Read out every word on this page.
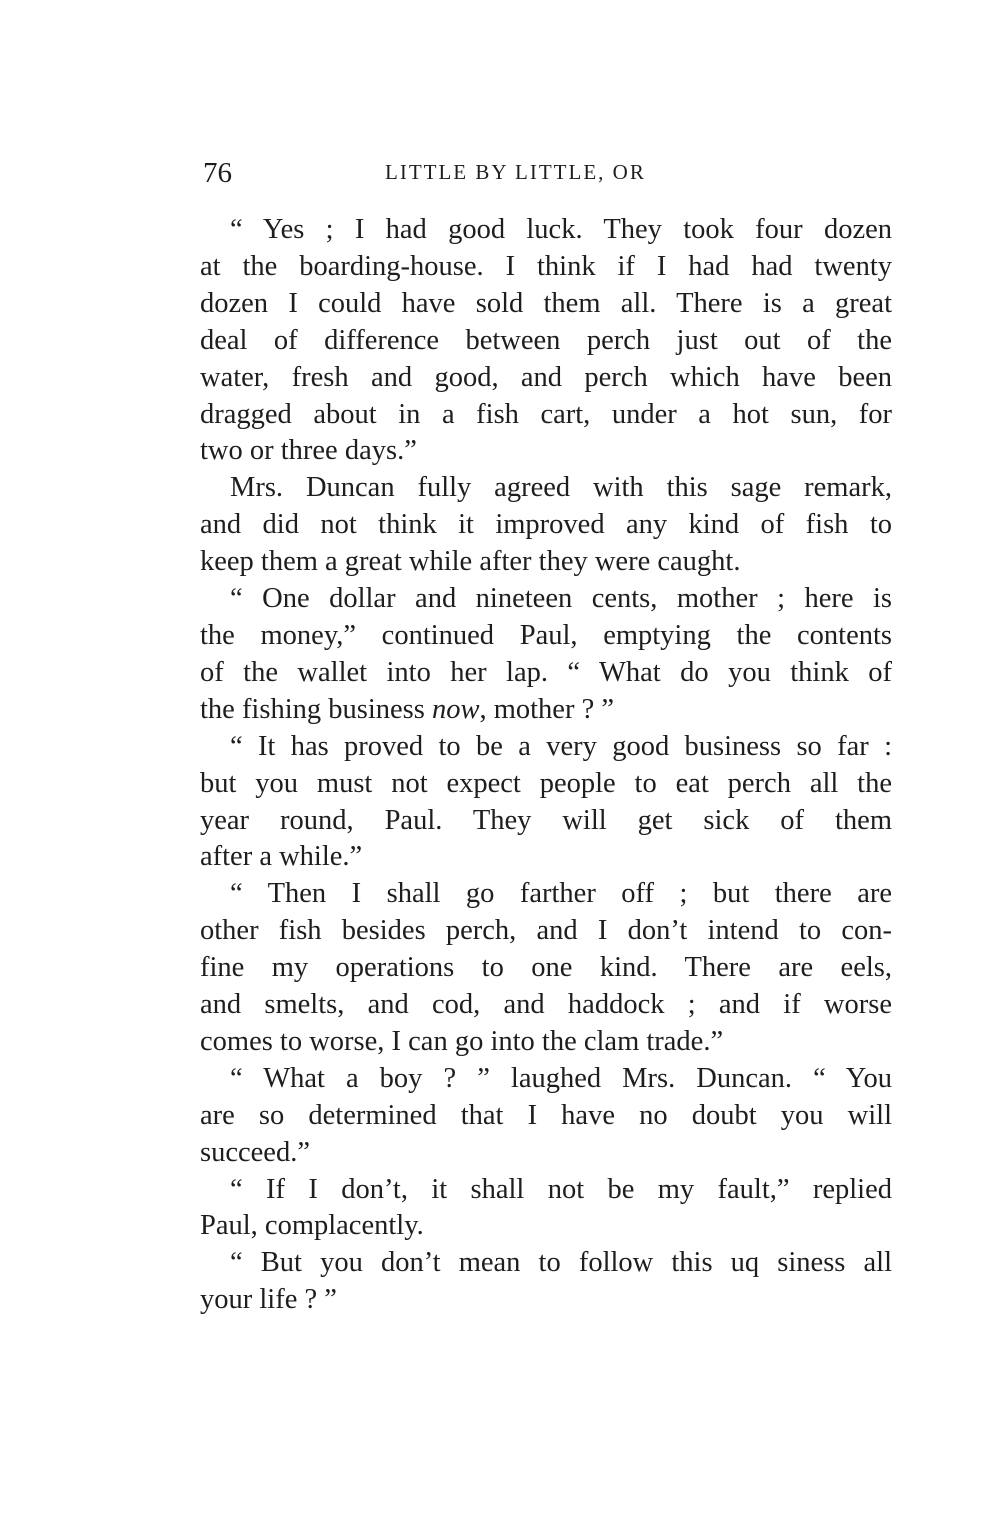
76	LITTLE BY LITTLE, OR

“ Yes ; I had good luck. They took four dozen
at the boarding-house. I think if I had had twenty
dozen I could have sold them all. There is a great
deal of difference between perch just out of the
water, fresh and good, and perch which have been
dragged about in a fish cart, under a hot sun, for
two or three days.”

Mrs. Duncan fully agreed with this sage remark,
and did not think it improved any kind of fish to
keep them a great while after they were caught.

“ One dollar and nineteen cents, mother ; here is
the money,” continued Paul, emptying the contents
of the wallet into her lap. “ What do you think of
the fishing business now, mother ? ”

“ It has proved to be a very good business so far :
but you must not expect people to eat perch all the
year round, Paul. They will get sick of them
after a while.”

“ Then I shall go farther off ; but there are
other fish besides perch, and I don’t intend to con-
fine my operations to one kind. There are eels,
and smelts, and cod, and haddock ; and if worse
comes to worse, I can go into the clam trade.”

“ What a boy ? ” laughed Mrs. Duncan. “ You
are so determined that I have no doubt you will
succeed.”

“ If I don’t, it shall not be my fault,” replied
Paul, complacently.

“ But you don’t mean to follow this uq siness all
your life ? ”
